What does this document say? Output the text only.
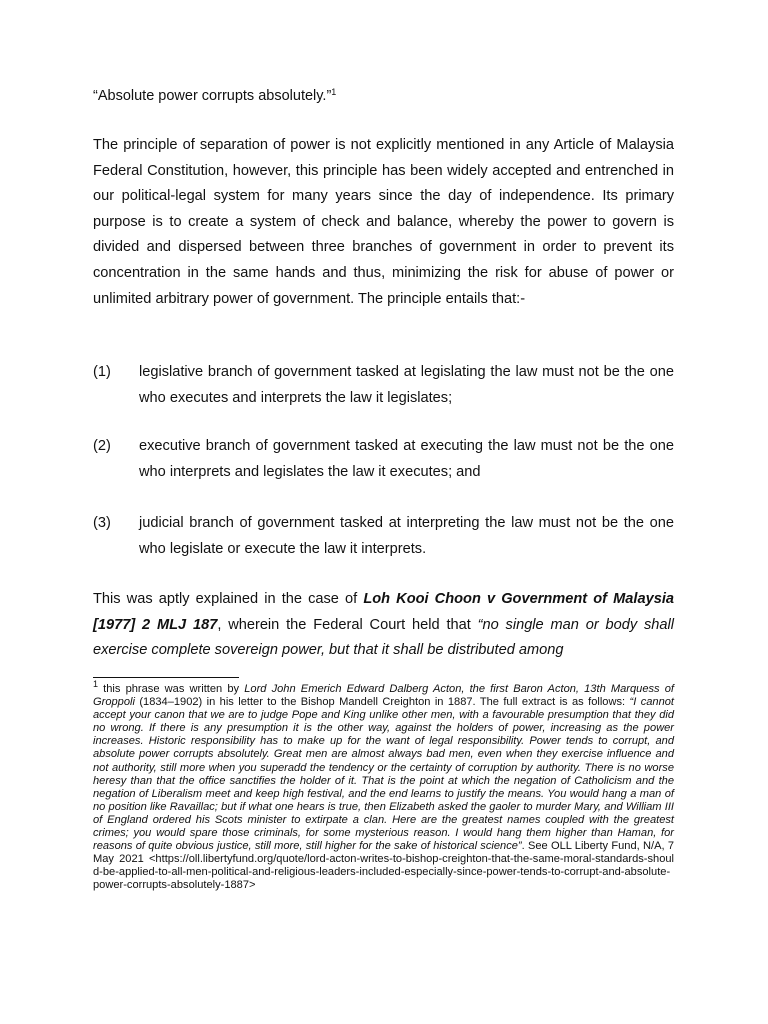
“Absolute power corrupts absolutely.”$^1$
The principle of separation of power is not explicitly mentioned in any Article of Malaysia Federal Constitution, however, this principle has been widely accepted and entrenched in our political-legal system for many years since the day of independence. Its primary purpose is to create a system of check and balance, whereby the power to govern is divided and dispersed between three branches of government in order to prevent its concentration in the same hands and thus, minimizing the risk for abuse of power or unlimited arbitrary power of government. The principle entails that:-
(1) legislative branch of government tasked at legislating the law must not be the one who executes and interprets the law it legislates;
(2) executive branch of government tasked at executing the law must not be the one who interprets and legislates the law it executes; and
(3) judicial branch of government tasked at interpreting the law must not be the one who legislate or execute the law it interprets.
This was aptly explained in the case of Loh Kooi Choon v Government of Malaysia [1977] 2 MLJ 187, wherein the Federal Court held that “no single man or body shall exercise complete sovereign power, but that it shall be distributed among
$^1$ this phrase was written by Lord John Emerich Edward Dalberg Acton, the first Baron Acton, 13th Marquess of Groppoli (1834–1902) in his letter to the Bishop Mandell Creighton in 1887. The full extract is as follows: “I cannot accept your canon that we are to judge Pope and King unlike other men, with a favourable presumption that they did no wrong. If there is any presumption it is the other way, against the holders of power, increasing as the power increases. Historic responsibility has to make up for the want of legal responsibility. Power tends to corrupt, and absolute power corrupts absolutely. Great men are almost always bad men, even when they exercise influence and not authority, still more when you superadd the tendency or the certainty of corruption by authority. There is no worse heresy than that the office sanctifies the holder of it. That is the point at which the negation of Catholicism and the negation of Liberalism meet and keep high festival, and the end learns to justify the means. You would hang a man of no position like Ravaillac; but if what one hears is true, then Elizabeth asked the gaoler to murder Mary, and William III of England ordered his Scots minister to extirpate a clan. Here are the greatest names coupled with the greatest crimes; you would spare those criminals, for some mysterious reason. I would hang them higher than Haman, for reasons of quite obvious justice, still more, still higher for the sake of historical science”. See OLL Liberty Fund, N/A, 7 May 2021 <https://oll.libertyfund.org/quote/lord-acton-writes-to-bishop-creighton-that-the-same-moral-standards-should-be-applied-to-all-men-political-and-religious-leaders-included-especially-since-power-tends-to-corrupt-and-absolute-power-corrupts-absolutely-1887>
